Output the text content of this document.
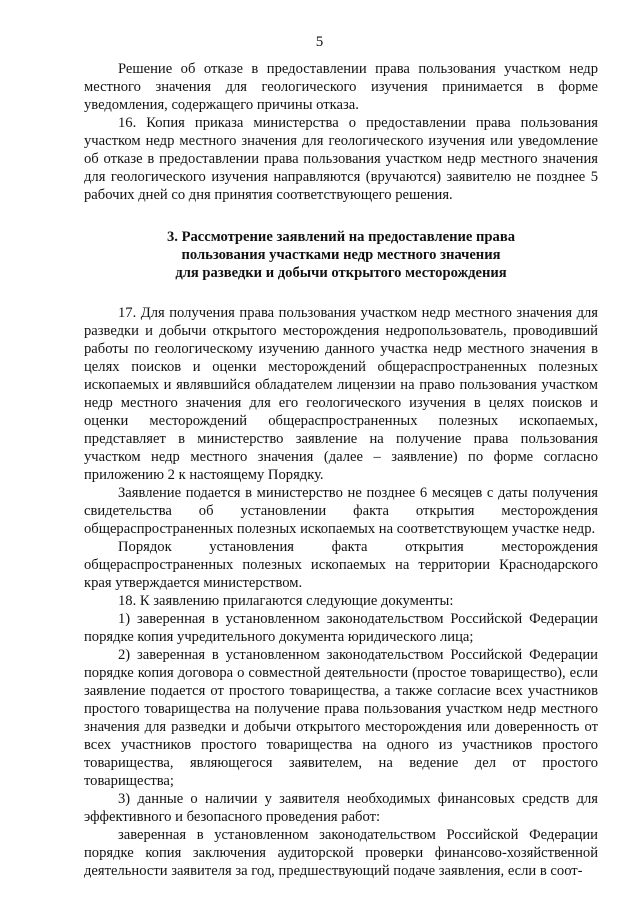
5

Решение об отказе в предоставлении права пользования участком недр местного значения для геологического изучения принимается в форме уведомления, содержащего причины отказа.

16. Копия приказа министерства о предоставлении права пользования участком недр местного значения для геологического изучения или уведомление об отказе в предоставлении права пользования участком недр местного значения для геологического изучения направляются (вручаются) заявителю не позднее 5 рабочих дней со дня принятия соответствующего решения.

3. Рассмотрение заявлений на предоставление права
пользования участками недр местного значения
для разведки и добычи открытого месторождения

17. Для получения права пользования участком недр местного значения для разведки и добычи открытого месторождения недропользователь, проводивший работы по геологическому изучению данного участка недр местного значения в целях поисков и оценки месторождений общераспространенных полезных ископаемых и являвшийся обладателем лицензии на право пользования участком недр местного значения для его геологического изучения в целях поисков и оценки месторождений общераспространенных полезных ископаемых, представляет в министерство заявление на получение права пользования участком недр местного значения (далее – заявление) по форме согласно приложению 2 к настоящему Порядку.

Заявление подается в министерство не позднее 6 месяцев с даты получения свидетельства об установлении факта открытия месторождения общераспространенных полезных ископаемых на соответствующем участке недр.

Порядок установления факта открытия месторождения общераспространенных полезных ископаемых на территории Краснодарского края утверждается министерством.

18. К заявлению прилагаются следующие документы:

1) заверенная в установленном законодательством Российской Федерации порядке копия учредительного документа юридического лица;

2) заверенная в установленном законодательством Российской Федерации порядке копия договора о совместной деятельности (простое товарищество), если заявление подается от простого товарищества, а также согласие всех участников простого товарищества на получение права пользования участком недр местного значения для разведки и добычи открытого месторождения или доверенность от всех участников простого товарищества на одного из участников простого товарищества, являющегося заявителем, на ведение дел от простого товарищества;

3) данные о наличии у заявителя необходимых финансовых средств для эффективного и безопасного проведения работ:

заверенная в установленном законодательством Российской Федерации порядке копия заключения аудиторской проверки финансово-хозяйственной деятельности заявителя за год, предшествующий подаче заявления, если в соот-
